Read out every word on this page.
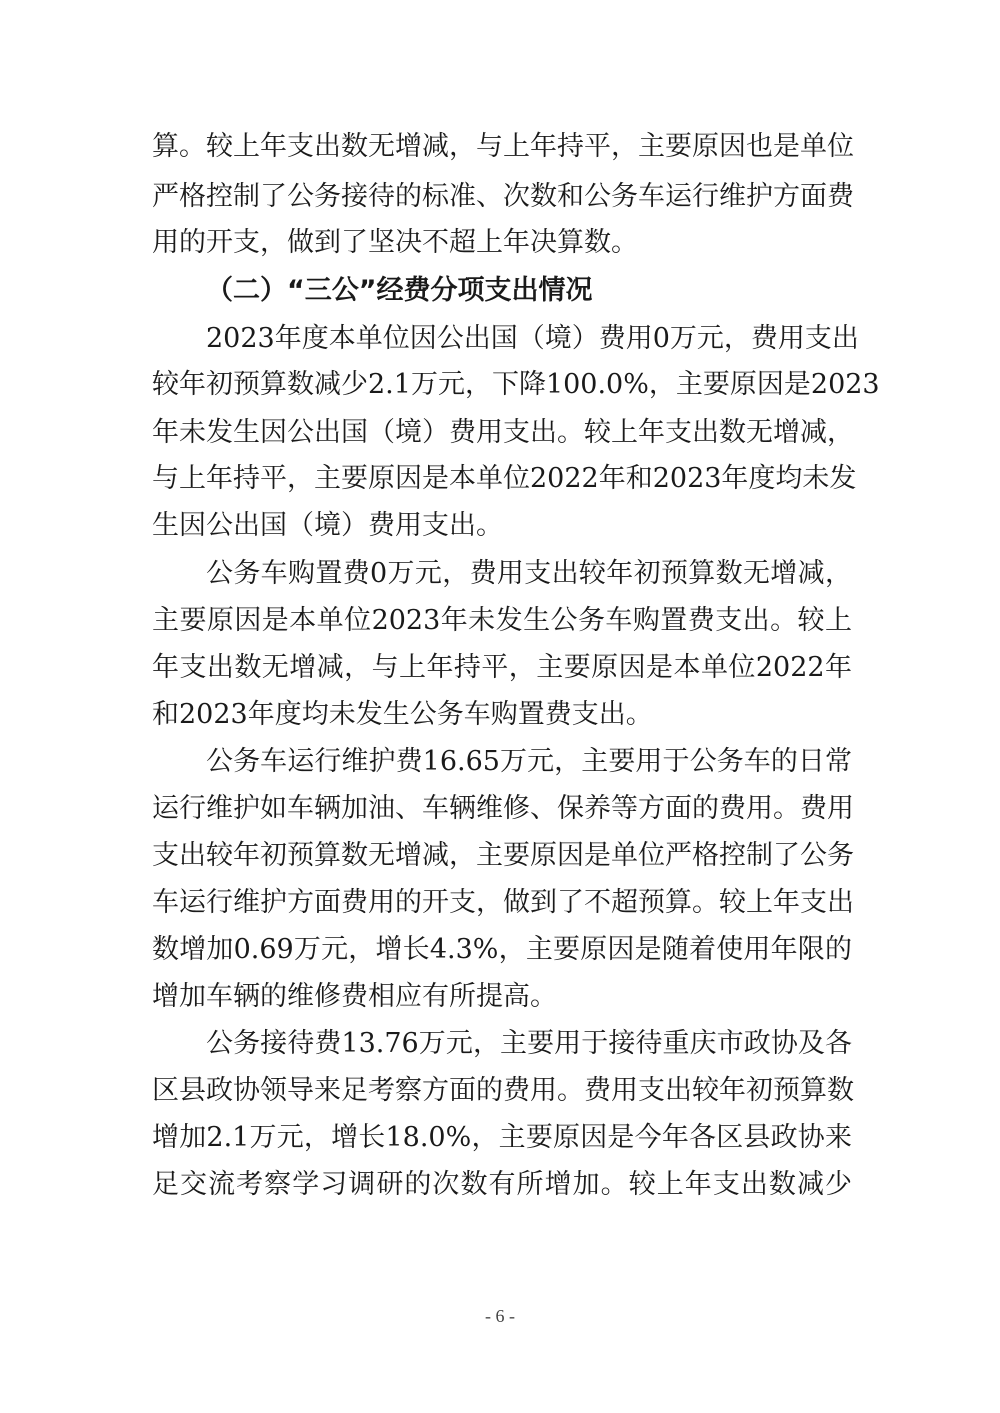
算。较上年支出数无增减，与上年持平，主要原因也是单位
严格控制了公务接待的标准、次数和公务车运行维护方面费
用的开支，做到了坚决不超上年决算数。
（二）“三公”经费分项支出情况
2023年度本单位因公出国（境）费用0万元，费用支出
较年初预算数减少2.1万元，下降100.0%，主要原因是2023
年未发生因公出国（境）费用支出。较上年支出数无增减，
与上年持平，主要原因是本单位2022年和2023年度均未发
生因公出国（境）费用支出。
公务车购置费0万元，费用支出较年初预算数无增减，
主要原因是本单位2023年未发生公务车购置费支出。较上
年支出数无增减，与上年持平，主要原因是本单位2022年
和2023年度均未发生公务车购置费支出。
公务车运行维护费16.65万元，主要用于公务车的日常
运行维护如车辆加油、车辆维修、保养等方面的费用。费用
支出较年初预算数无增减，主要原因是单位严格控制了公务
车运行维护方面费用的开支，做到了不超预算。较上年支出
数增加0.69万元，增长4.3%，主要原因是随着使用年限的
增加车辆的维修费相应有所提高。
公务接待费13.76万元，主要用于接待重庆市政协及各
区县政协领导来足考察方面的费用。费用支出较年初预算数
增加2.1万元，增长18.0%，主要原因是今年各区县政协来
足交流考察学习调研的次数有所增加。较上年支出数减少
- 6 -
